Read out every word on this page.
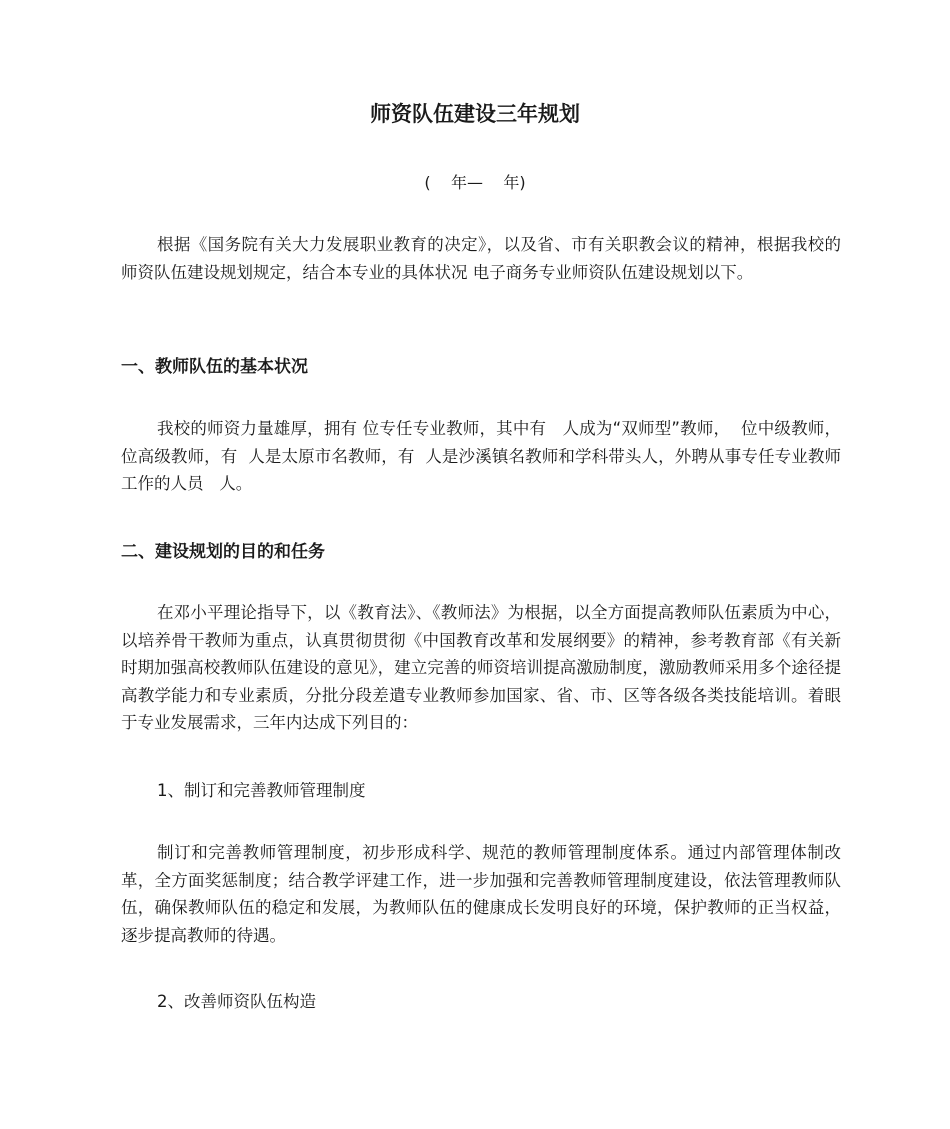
师资队伍建设三年规划
(    年—    年)

根据《国务院有关大力发展职业教育的决定》，以及省、市有关职教会议的精神，根据我校的师资队伍建设规划规定，结合本专业的具体状况 电子商务专业师资队伍建设规划以下。

一、教师队伍的基本状况

我校的师资力量雄厚，拥有 位专任专业教师，其中有   人成为“双师型”教师，  位中级教师，   位高级教师，有  人是太原市名教师，有  人是沙溪镇名教师和学科带头人，外聘从事专任专业教师工作的人员   人。

二、建设规划的目的和任务

在邓小平理论指导下，以《教育法》、《教师法》为根据，以全方面提高教师队伍素质为中心，以培养骨干教师为重点，认真贯彻贯彻《中国教育改革和发展纲要》的精神，参考教育部《有关新时期加强高校教师队伍建设的意见》，建立完善的师资培训提高激励制度，激励教师采用多个途径提高教学能力和专业素质，分批分段差遣专业教师参加国家、省、市、区等各级各类技能培训。着眼于专业发展需求，三年内达成下列目的：

1、制订和完善教师管理制度

制订和完善教师管理制度，初步形成科学、规范的教师管理制度体系。通过内部管理体制改革，全方面奖惩制度；结合教学评建工作，进一步加强和完善教师管理制度建设，依法管理教师队伍，确保教师队伍的稳定和发展，为教师队伍的健康成长发明良好的环境，保护教师的正当权益，逐步提高教师的待遇。

2、改善师资队伍构造
